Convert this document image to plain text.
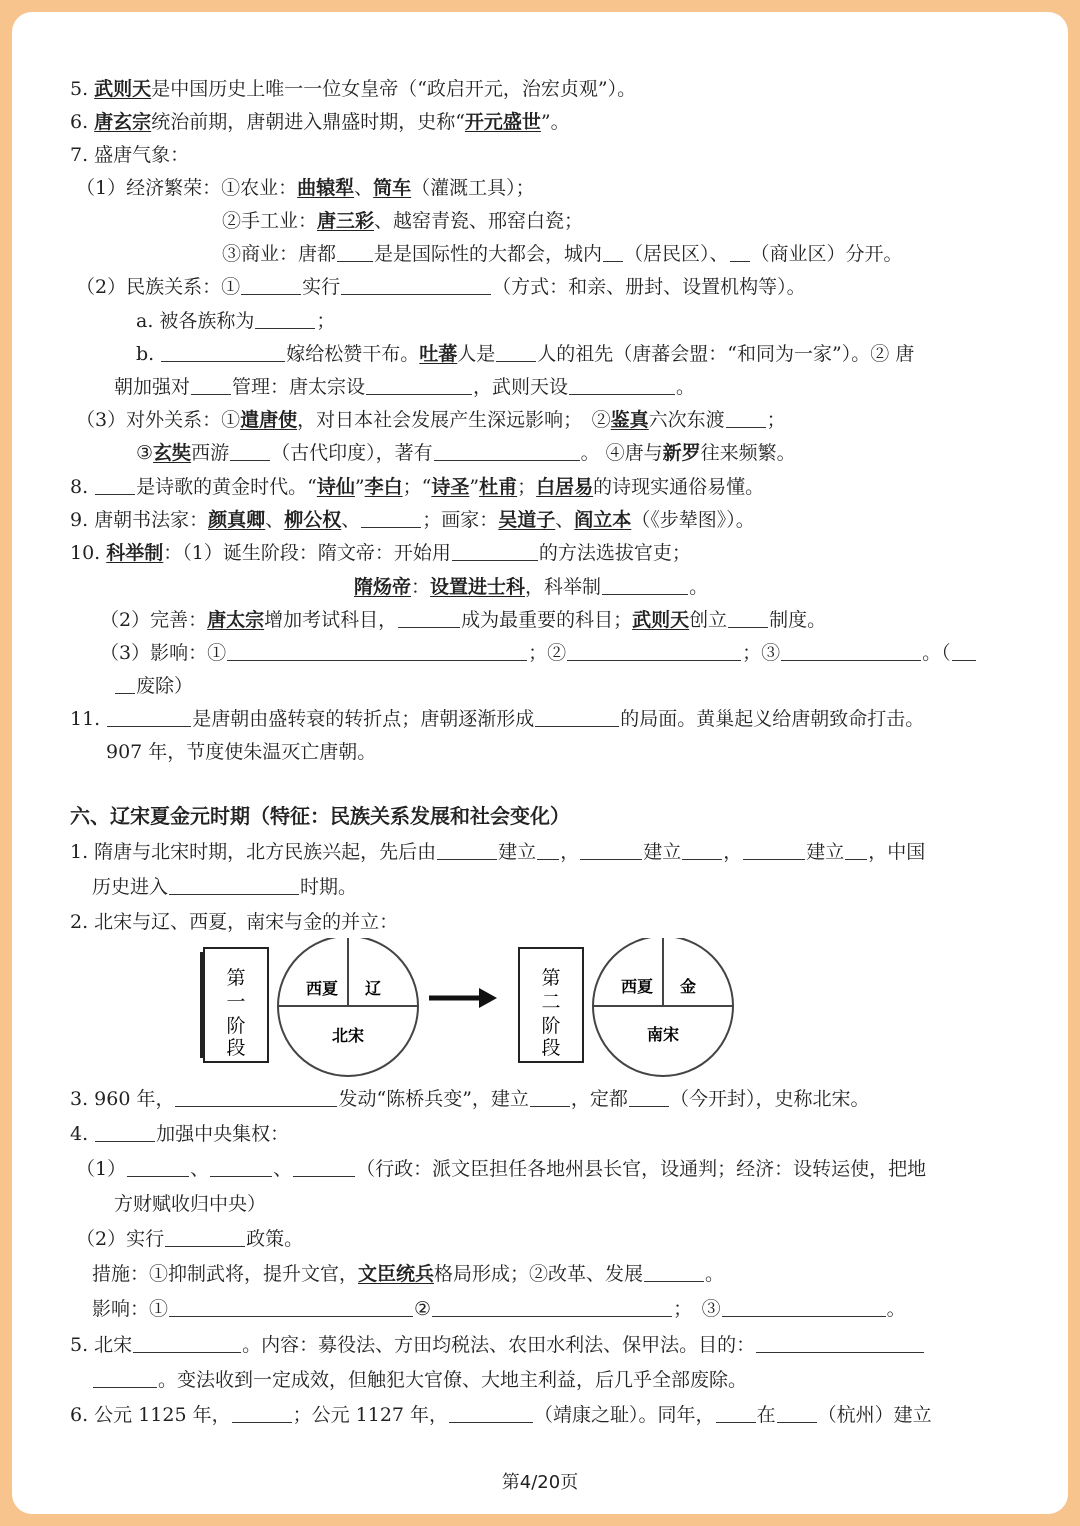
5. 武则天是中国历史上唯一一位女皇帝（“政启开元，治宏贞观”）。
6. 唐玄宗统治前期，唐朝进入鼎盛时期，史称“开元盛世”。
7. 盛唐气象：
（1）经济繁荣：①农业：曲辕犁、筒车（灌溉工具）；
②手工业：唐三彩、越窑青瓷、邢窑白瓷；
③商业：唐都 是是国际性的大都会，城内 （居民区）、 （商业区）分开。
（2）民族关系：①	实行	（方式：和亲、册封、设置机构等）。
a. 被各族称为	；
b.	嫁给松赞干布。吐蕃人是 人的祖先（唐蕃会盟：“和同为一家”）。② 唐
朝加强对 管理：唐太宗设	，武则天设	。
（3）对外关系：①遣唐使，对日本社会发展产生深远影响；　②鉴真六次东渡 ；
③玄奘西游 （古代印度），著有	。 ④唐与新罗往来频繁。
8. 是诗歌的黄金时代。“诗仙”李白；“诗圣”杜甫；白居易的诗现实通俗易懂。
9. 唐朝书法家：颜真卿、柳公权、	；画家：吴道子、阎立本（《步辇图》）。
10. 科举制：（1）诞生阶段：隋文帝：开始用	的方法选拔官吏；
隋炀帝：设置进士科，科举制	。
（2）完善：唐太宗增加考试科目，	成为最重要的科目；武则天创立 制度。
（3）影响：①	；②	；③	。（
废除）
11.	是唐朝由盛转衰的转折点；唐朝逐渐形成	的局面。黄巢起义给唐朝致命打击。
907 年，节度使朱温灭亡唐朝。
六、辽宋夏金元时期（特征：民族关系发展和社会变化）
1. 隋唐与北宋时期，北方民族兴起，先后由	建立 ，	建立 ，	建立 ，中国
历史进入	时期。
2. 北宋与辽、西夏，南宋与金的并立：
第
一
阶
段
西夏 辽
北宋
第
二
阶
段
西夏 金
南宋
3. 960 年，	发动“陈桥兵变”，建立 ，定都 （今开封），史称北宋。
4.	加强中央集权：
（1）	、	、	（行政：派文臣担任各地州县长官，设通判；经济：设转运使，把地
方财赋收归中央）
（2）实行	政策。
措施：①抑制武将，提升文官，文臣统兵格局形成；②改革、发展	。
影响：①	②	；　③	。
5. 北宋	。内容：募役法、方田均税法、农田水利法、保甲法。目的：
。变法收到一定成效，但触犯大官僚、大地主利益，后几乎全部废除。
6. 公元 1125 年，	；公元 1127 年，	（靖康之耻）。同年， 在 （杭州）建立
第4/20页
